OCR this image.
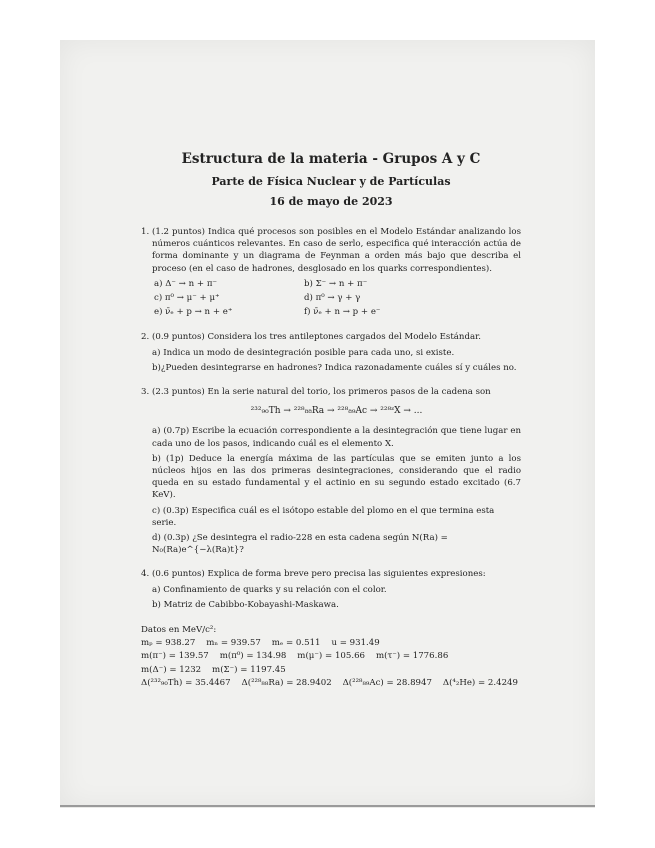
Estructura de la materia - Grupos A y C
Parte de Física Nuclear y de Partículas
16 de mayo de 2023
1. (1.2 puntos) Indica qué procesos son posibles en el Modelo Estándar analizando los números cuánticos relevantes. En caso de serlo, especifica qué interacción actúa de forma dominante y un diagrama de Feynman a orden más bajo que describa el proceso (en el caso de hadrones, desglosado en los quarks correspondientes).
a) Δ⁻ → n + π⁻	b) Σ⁻ → n + π⁻
c) π⁰ → μ⁻ + μ⁺	d) π⁰ → γ + γ
e) ν̄ₑ + p → n + e⁺	f) ν̄ₑ + n → p + e⁻
2. (0.9 puntos) Considera los tres antileptones cargados del Modelo Estándar.
a) Indica un modo de desintegración posible para cada uno, si existe.
b)¿Pueden desintegrarse en hadrones? Indica razonadamente cuáles sí y cuáles no.
3. (2.3 puntos) En la serie natural del torio, los primeros pasos de la cadena son
²³²₉₀Th → ²²⁸₈₈Ra → ²²⁸₈₉Ac → ²²⁸ᶻX → ...
a) (0.7p) Escribe la ecuación correspondiente a la desintegración que tiene lugar en cada uno de los pasos, indicando cuál es el elemento X.
b) (1p) Deduce la energía máxima de las partículas que se emiten junto a los núcleos hijos en las dos primeras desintegraciones, considerando que el radio queda en su estado fundamental y el actinio en su segundo estado excitado (6.7 KeV).
c) (0.3p) Especifica cuál es el isótopo estable del plomo en el que termina esta serie.
d) (0.3p) ¿Se desintegra el radio-228 en esta cadena según N(Ra) = N₀(Ra)e^{−λ(Ra)t}?
4. (0.6 puntos) Explica de forma breve pero precisa las siguientes expresiones:
a) Confinamiento de quarks y su relación con el color.
b) Matriz de Cabibbo-Kobayashi-Maskawa.
Datos en MeV/c²:
mₚ = 938.27    mₙ = 939.57    mₑ = 0.511    u = 931.49
m(π⁻) = 139.57    m(π⁰) = 134.98    m(μ⁻) = 105.66    m(τ⁻) = 1776.86
m(Δ⁻) = 1232    m(Σ⁻) = 1197.45
Δ(²³²₉₀Th) = 35.4467    Δ(²²⁸₈₈Ra) = 28.9402    Δ(²²⁸₈₉Ac) = 28.8947    Δ(⁴₂He) = 2.4249
